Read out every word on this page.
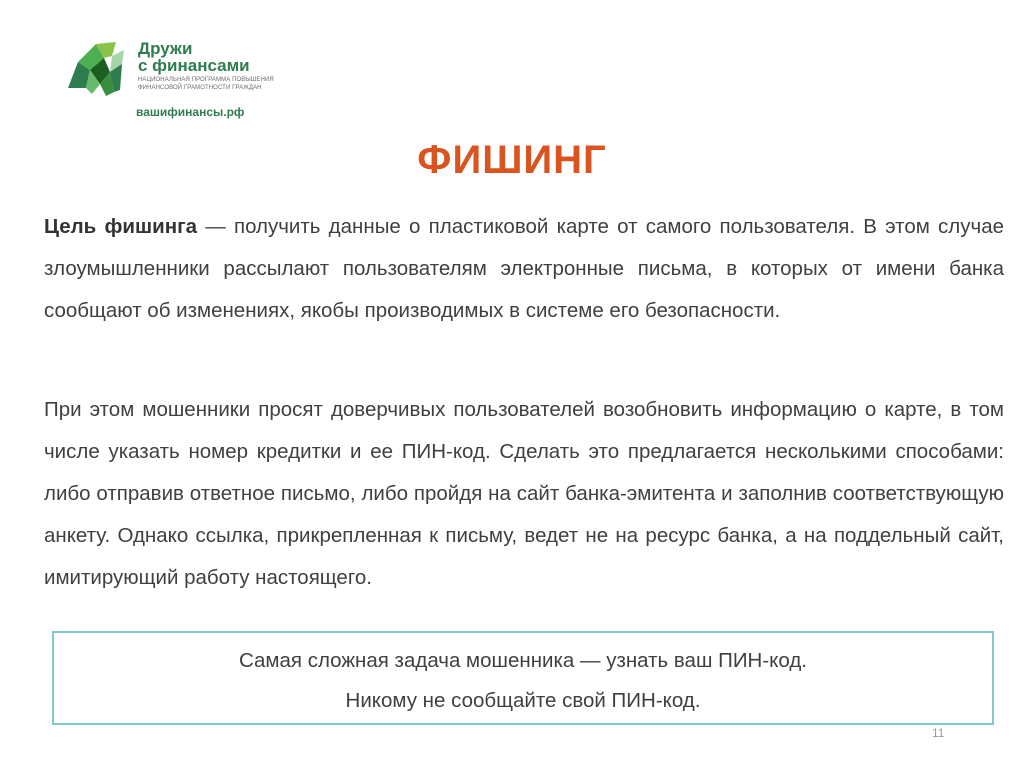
Дружи
с финансами
НАЦИОНАЛЬНАЯ ПРОГРАММА ПОВЫШЕНИЯ ФИНАНСОВОЙ ГРАМОТНОСТИ ГРАЖДАН
вашифинансы.рф
ФИШИНГ

Цель фишинга — получить данные о пластиковой карте от самого пользователя. В этом случае злоумышленники рассылают пользователям электронные письма, в которых от имени банка сообщают об изменениях, якобы производимых в системе его безопасности.

При этом мошенники просят доверчивых пользователей возобновить информацию о карте, в том числе указать номер кредитки и ее ПИН-код. Сделать это предлагается несколькими способами: либо отправив ответное письмо, либо пройдя на сайт банка-эмитента и заполнив соответствующую анкету. Однако ссылка, прикрепленная к письму, ведет не на ресурс банка, а на поддельный сайт, имитирующий работу настоящего.

Самая сложная задача мошенника — узнать ваш ПИН-код.
Никому не сообщайте свой ПИН-код.
11
